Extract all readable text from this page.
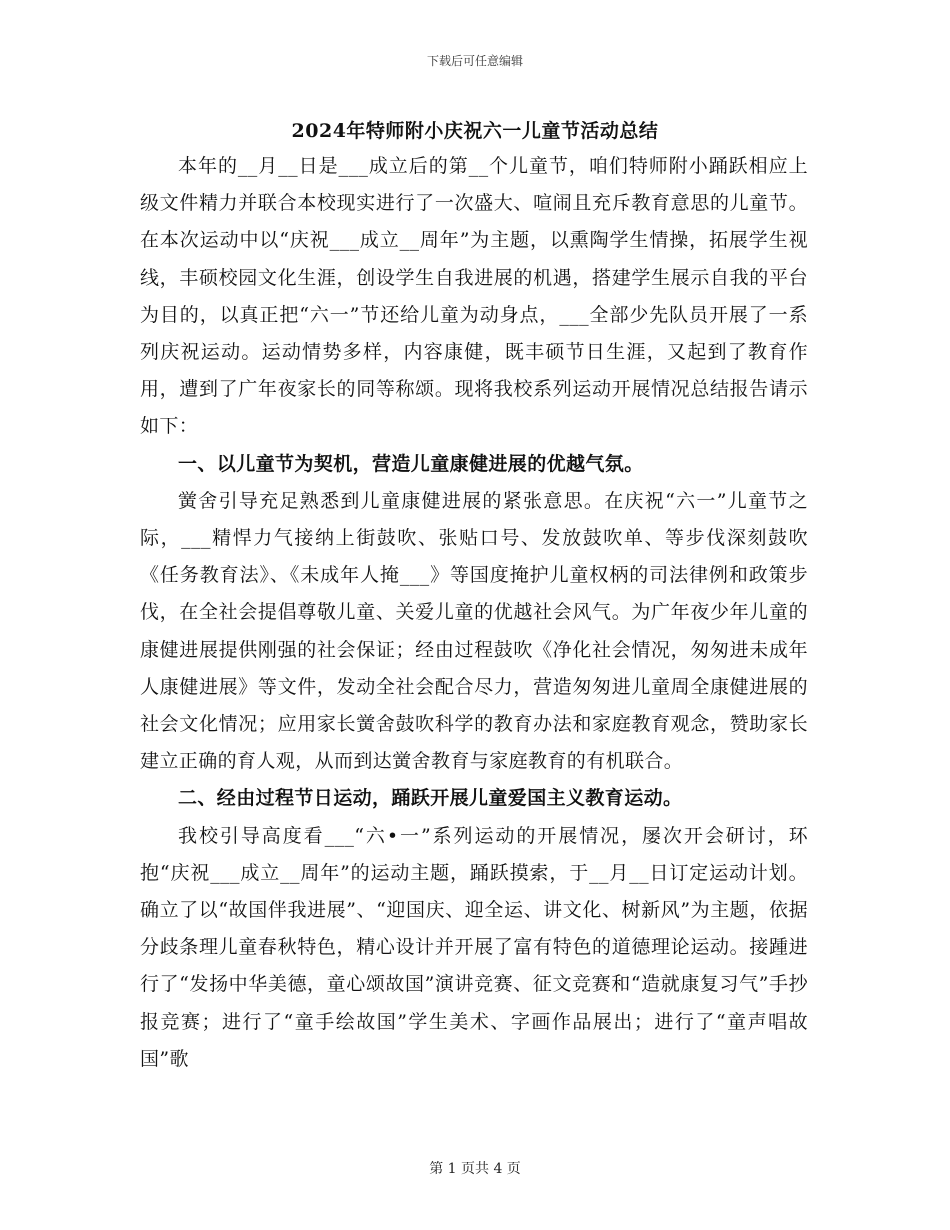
下载后可任意编辑
2024年特师附小庆祝六一儿童节活动总结

本年的__月__日是___成立后的第__个儿童节，咱们特师附小踊跃相应上级文件精力并联合本校现实进行了一次盛大、喧闹且充斥教育意思的儿童节。在本次运动中以“庆祝___成立__周年”为主题，以熏陶学生情操，拓展学生视线，丰硕校园文化生涯，创设学生自我进展的机遇，搭建学生展示自我的平台为目的，以真正把“六一”节还给儿童为动身点，___全部少先队员开展了一系列庆祝运动。运动情势多样，内容康健，既丰硕节日生涯，又起到了教育作用，遭到了广年夜家长的同等称颂。现将我校系列运动开展情况总结报告请示如下：

一、以儿童节为契机，营造儿童康健进展的优越气氛。

黉舍引导充足熟悉到儿童康健进展的紧张意思。在庆祝“六一”儿童节之际，___精悍力气接纳上街鼓吹、张贴口号、发放鼓吹单、等步伐深刻鼓吹《任务教育法》、《未成年人掩___》等国度掩护儿童权柄的司法律例和政策步伐，在全社会提倡尊敬儿童、关爱儿童的优越社会风气。为广年夜少年儿童的康健进展提供刚强的社会保证；经由过程鼓吹《净化社会情况，匆匆进未成年人康健进展》等文件，发动全社会配合尽力，营造匆匆进儿童周全康健进展的社会文化情况；应用家长黉舍鼓吹科学的教育办法和家庭教育观念，赞助家长建立正确的育人观，从而到达黉舍教育与家庭教育的有机联合。

二、经由过程节日运动，踊跃开展儿童爱国主义教育运动。

我校引导高度看___“六•一”系列运动的开展情况，屡次开会研讨，环抱“庆祝___成立__周年”的运动主题，踊跃摸索，于__月__日订定运动计划。确立了以“故国伴我进展”、“迎国庆、迎全运、讲文化、树新风”为主题，依据分歧条理儿童春秋特色，精心设计并开展了富有特色的道德理论运动。接踵进行了“发扬中华美德，童心颂故国”演讲竞赛、征文竞赛和“造就康复习气”手抄报竞赛；进行了“童手绘故国”学生美术、字画作品展出；进行了“童声唱故国”歌

第 1 页共 4 页
